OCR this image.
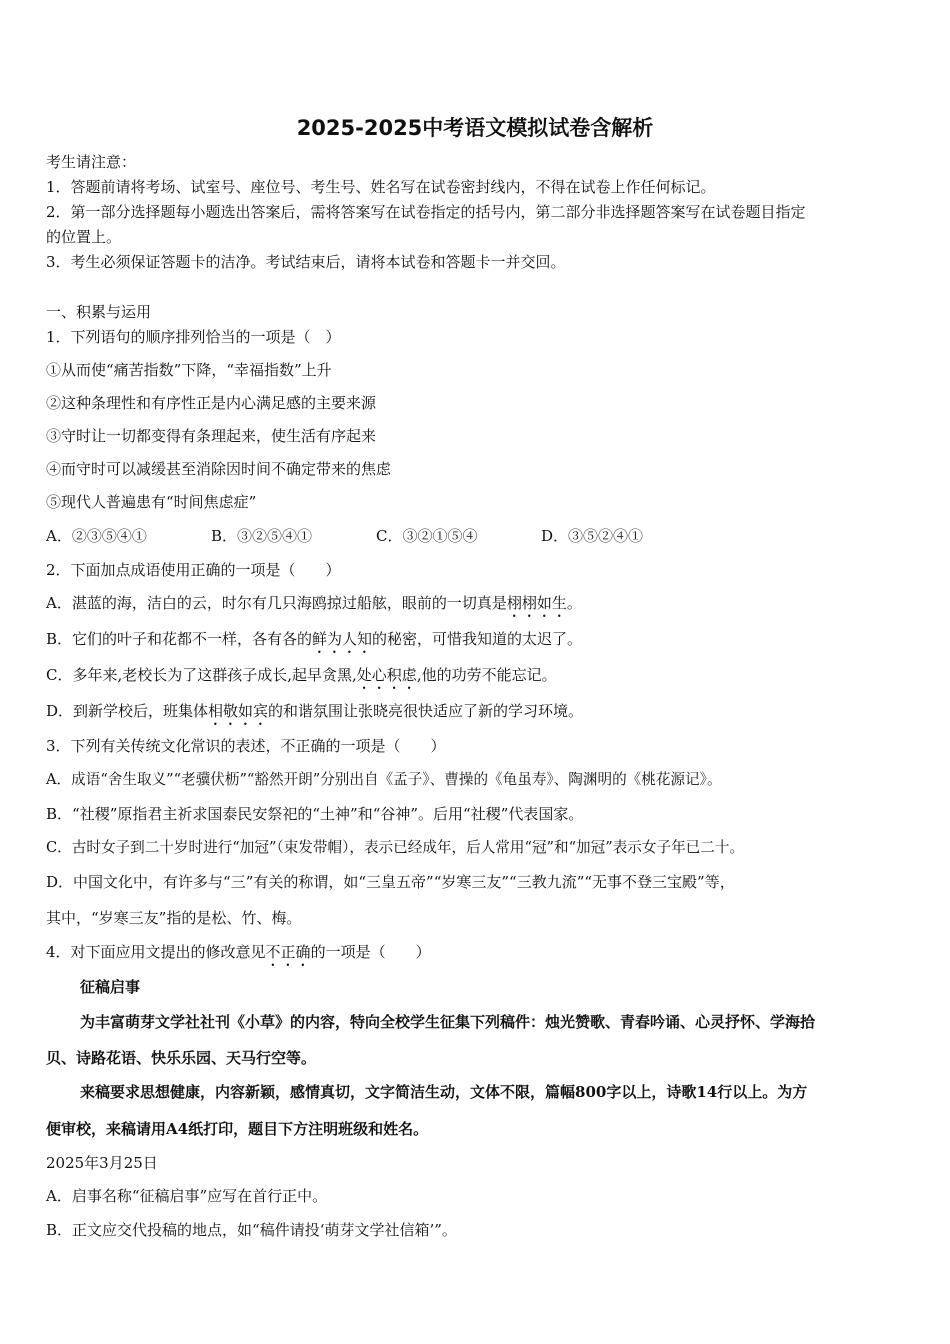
2025-2025中考语文模拟试卷含解析
考生请注意：
1．答题前请将考场、试室号、座位号、考生号、姓名写在试卷密封线内，不得在试卷上作任何标记。
2．第一部分选择题每小题选出答案后，需将答案写在试卷指定的括号内，第二部分非选择题答案写在试卷题目指定
的位置上。
3．考生必须保证答题卡的洁净。考试结束后，请将本试卷和答题卡一并交回。
一、积累与运用
1．下列语句的顺序排列恰当的一项是（　）
①从而使“痛苦指数”下降，“幸福指数”上升
②这种条理性和有序性正是内心满足感的主要来源
③守时让一切都变得有条理起来，使生活有序起来
④而守时可以减缓甚至消除因时间不确定带来的焦虑
⑤现代人普遍患有“时间焦虑症”
A．②③⑤④①	B．③②⑤④①	C．③②①⑤④	D．③⑤②④①
2．下面加点成语使用正确的一项是（　　）
A．湛蓝的海，洁白的云，时尔有几只海鸥掠过船舷，眼前的一切真是栩栩如生。
B．它们的叶子和花都不一样，各有各的鲜为人知的秘密，可惜我知道的太迟了。
C．多年来,老校长为了这群孩子成长,起早贪黑,处心积虑,他的功劳不能忘记。
D．到新学校后，班集体相敬如宾的和谐氛围让张晓亮很快适应了新的学习环境。
3．下列有关传统文化常识的表述，不正确的一项是（　　）
A．成语“舍生取义”“老骥伏枥”“豁然开朗”分别出自《孟子》、曹操的《龟虽寿》、陶渊明的《桃花源记》。
B．“社稷”原指君主祈求国泰民安祭祀的“土神”和“谷神”。后用“社稷”代表国家。
C．古时女子到二十岁时进行“加冠”（束发带帽），表示已经成年，后人常用“冠”和“加冠”表示女子年已二十。
D．中国文化中，有许多与“三”有关的称谓，如“三皇五帝”“岁寒三友”“三教九流”“无事不登三宝殿”等，
其中，“岁寒三友”指的是松、竹、梅。
4．对下面应用文提出的修改意见不正确的一项是（　　）
征稿启事
为丰富萌芽文学社社刊《小草》的内容，特向全校学生征集下列稿件：烛光赞歌、青春吟诵、心灵抒怀、学海拾
贝、诗路花语、快乐乐园、天马行空等。
来稿要求思想健康，内容新颖，感情真切，文字简洁生动，文体不限，篇幅800字以上，诗歌14行以上。为方
便审校，来稿请用A4纸打印，题目下方注明班级和姓名。
2025年3月25日
A．启事名称“征稿启事”应写在首行正中。
B．正文应交代投稿的地点，如“稿件请投‘萌芽文学社信箱’”。
